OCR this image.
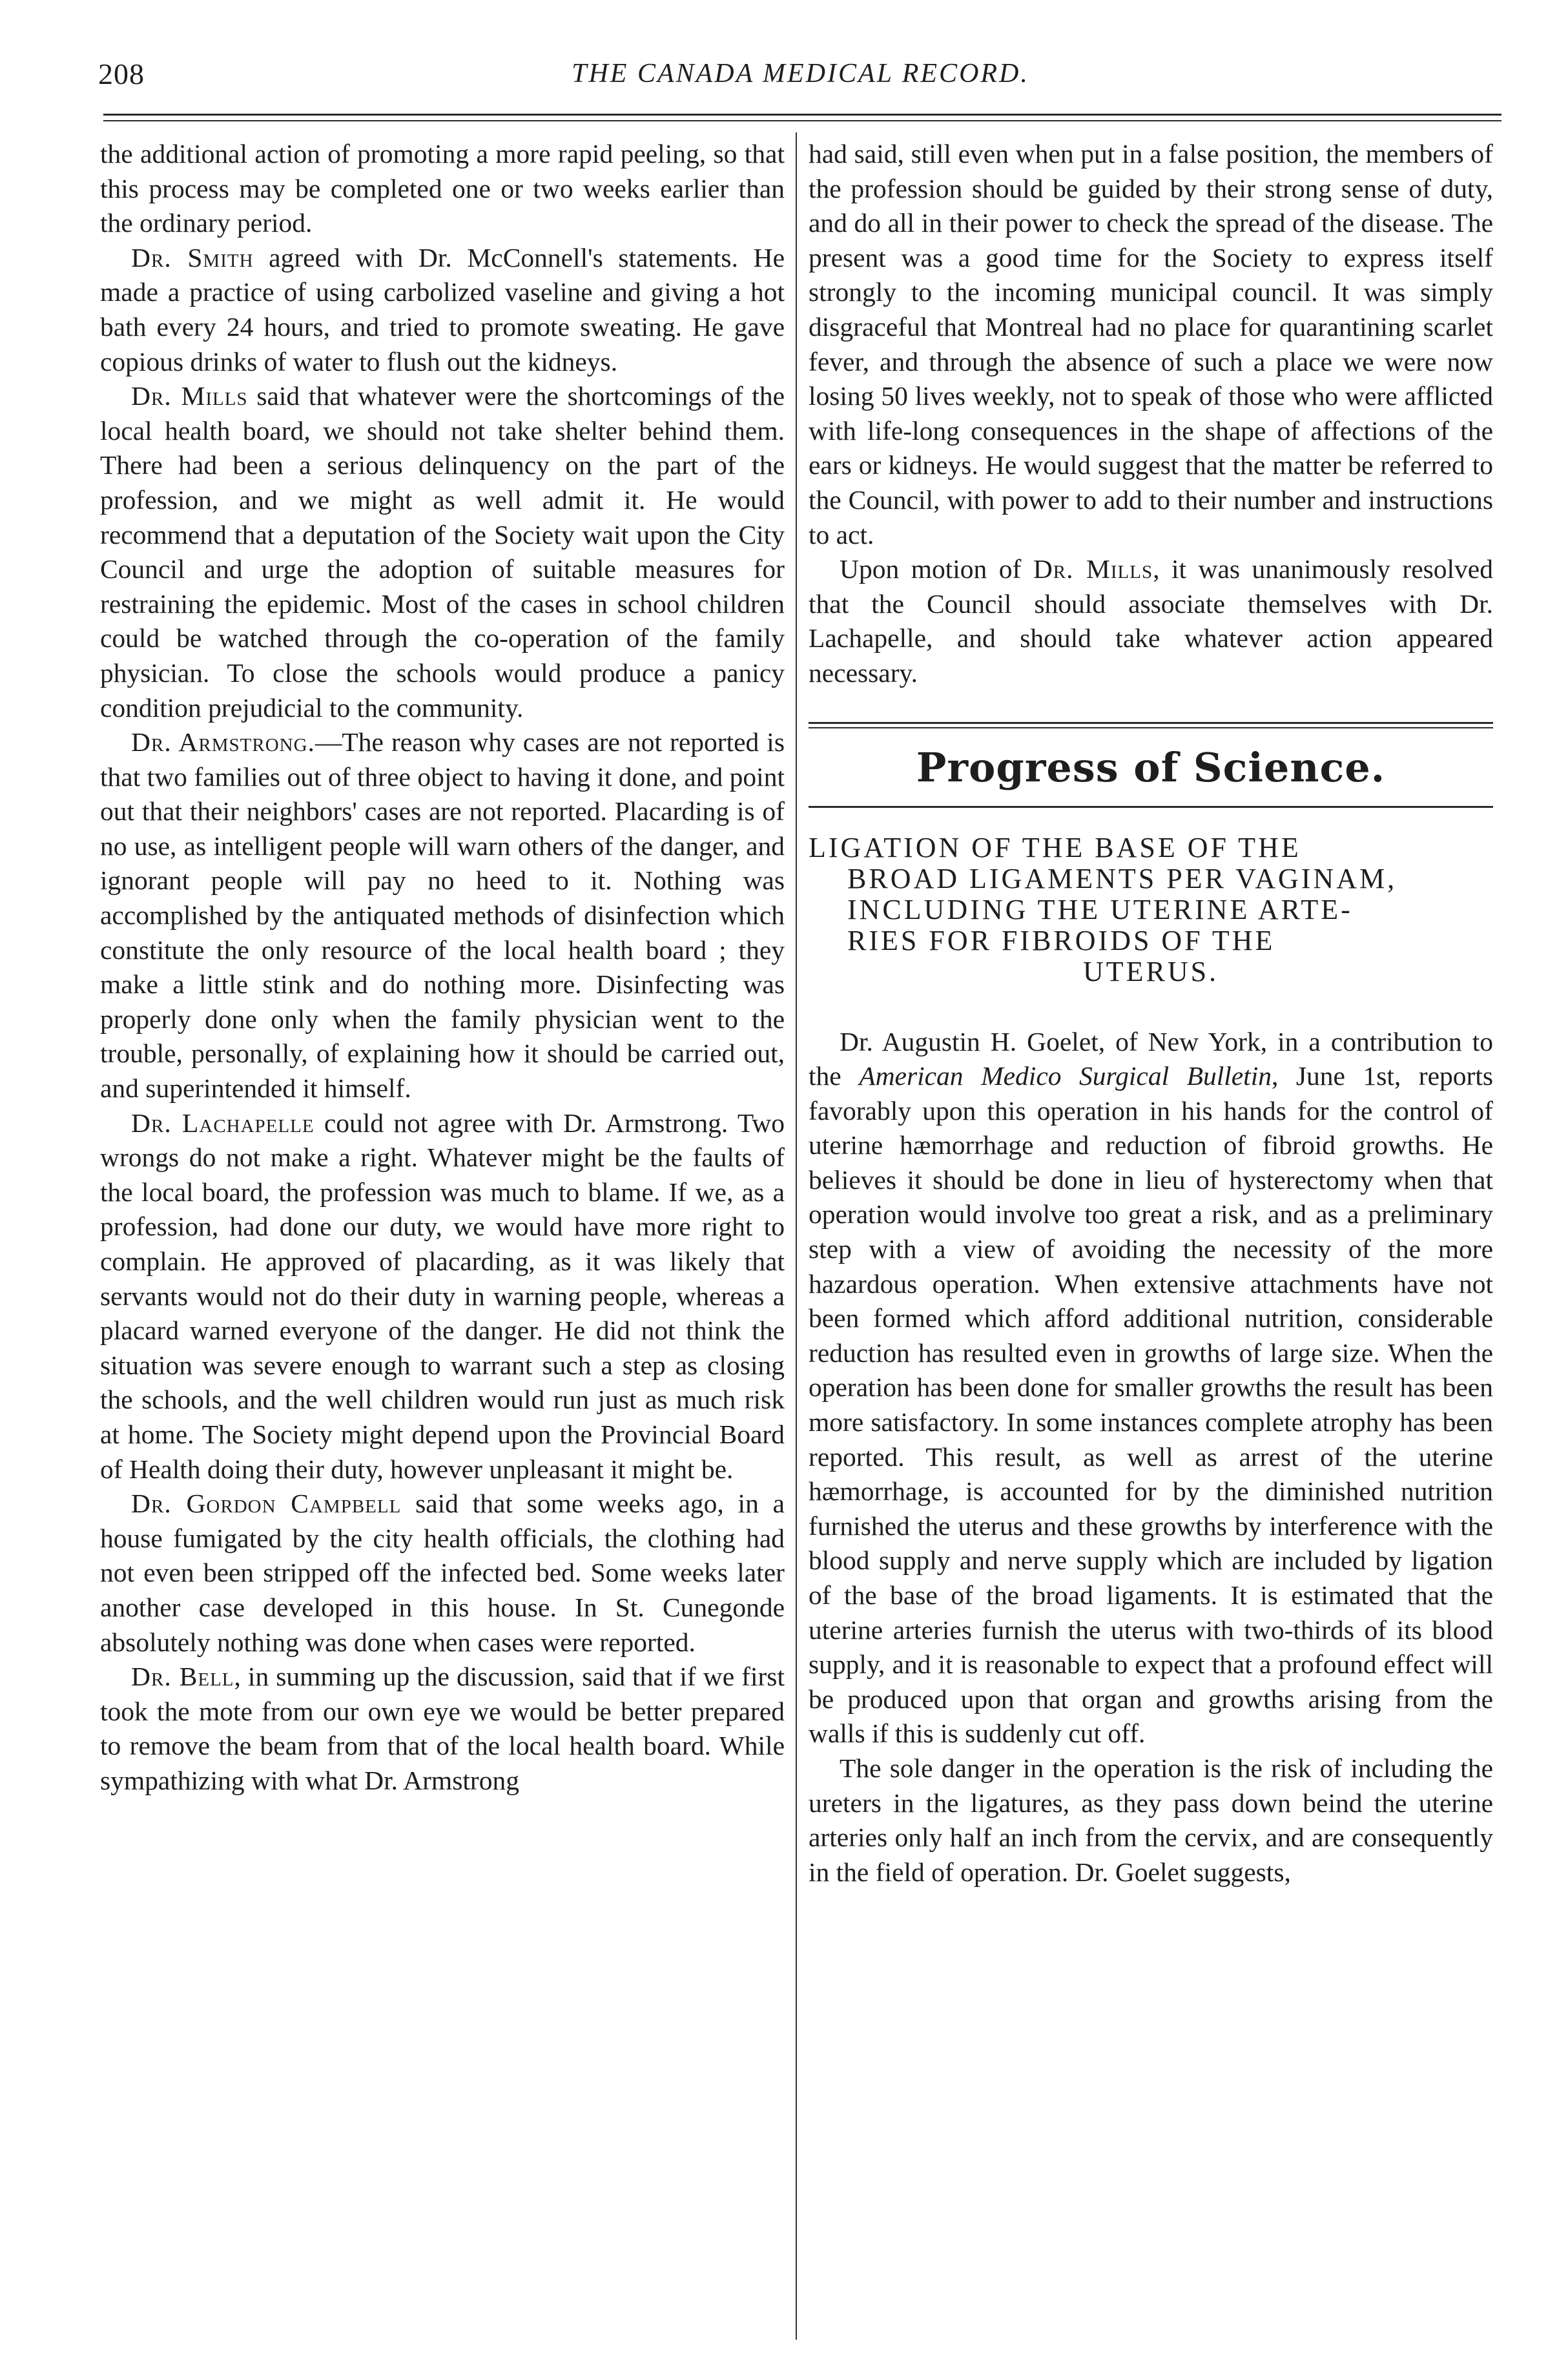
208	THE CANADA MEDICAL RECORD.

the additional action of promoting a more rapid peeling, so that this process may be completed one or two weeks earlier than the ordinary period.

Dr. Smith agreed with Dr. McConnell's statements. He made a practice of using carbolized vaseline and giving a hot bath every 24 hours, and tried to promote sweating. He gave copious drinks of water to flush out the kidneys.

Dr. Mills said that whatever were the shortcomings of the local health board, we should not take shelter behind them. There had been a serious delinquency on the part of the profession, and we might as well admit it. He would recommend that a deputation of the Society wait upon the City Council and urge the adoption of suitable measures for restraining the epidemic. Most of the cases in school children could be watched through the co-operation of the family physician. To close the schools would produce a panicy condition prejudicial to the community.

Dr. Armstrong.—The reason why cases are not reported is that two families out of three object to having it done, and point out that their neighbors' cases are not reported. Placarding is of no use, as intelligent people will warn others of the danger, and ignorant people will pay no heed to it. Nothing was accomplished by the antiquated methods of disinfection which constitute the only resource of the local health board ; they make a little stink and do nothing more. Disinfecting was properly done only when the family physician went to the trouble, personally, of explaining how it should be carried out, and superintended it himself.

Dr. Lachapelle could not agree with Dr. Armstrong. Two wrongs do not make a right. Whatever might be the faults of the local board, the profession was much to blame. If we, as a profession, had done our duty, we would have more right to complain. He approved of placarding, as it was likely that servants would not do their duty in warning people, whereas a placard warned everyone of the danger. He did not think the situation was severe enough to warrant such a step as closing the schools, and the well children would run just as much risk at home. The Society might depend upon the Provincial Board of Health doing their duty, however unpleasant it might be.

Dr. Gordon Campbell said that some weeks ago, in a house fumigated by the city health officials, the clothing had not even been stripped off the infected bed. Some weeks later another case developed in this house. In St. Cunegonde absolutely nothing was done when cases were reported.

Dr. Bell, in summing up the discussion, said that if we first took the mote from our own eye we would be better prepared to remove the beam from that of the local health board. While sympathizing with what Dr. Armstrong

had said, still even when put in a false position, the members of the profession should be guided by their strong sense of duty, and do all in their power to check the spread of the disease. The present was a good time for the Society to express itself strongly to the incoming municipal council. It was simply disgraceful that Montreal had no place for quarantining scarlet fever, and through the absence of such a place we were now losing 50 lives weekly, not to speak of those who were afflicted with life-long consequences in the shape of affections of the ears or kidneys. He would suggest that the matter be referred to the Council, with power to add to their number and instructions to act.

Upon motion of Dr. Mills, it was unanimously resolved that the Council should associate themselves with Dr. Lachapelle, and should take whatever action appeared necessary.

Progress of Science.
LIGATION OF THE BASE OF THE
BROAD LIGAMENTS PER VAGINAM,
INCLUDING THE UTERINE ARTE-
RIES FOR FIBROIDS OF THE
UTERUS.

Dr. Augustin H. Goelet, of New York, in a contribution to the American Medico Surgical Bulletin, June 1st, reports favorably upon this operation in his hands for the control of uterine hæmorrhage and reduction of fibroid growths. He believes it should be done in lieu of hysterectomy when that operation would involve too great a risk, and as a preliminary step with a view of avoiding the necessity of the more hazardous operation. When extensive attachments have not been formed which afford additional nutrition, considerable reduction has resulted even in growths of large size. When the operation has been done for smaller growths the result has been more satisfactory. In some instances complete atrophy has been reported. This result, as well as arrest of the uterine hæmorrhage, is accounted for by the diminished nutrition furnished the uterus and these growths by interference with the blood supply and nerve supply which are included by ligation of the base of the broad ligaments. It is estimated that the uterine arteries furnish the uterus with two-thirds of its blood supply, and it is reasonable to expect that a profound effect will be produced upon that organ and growths arising from the walls if this is suddenly cut off.

The sole danger in the operation is the risk of including the ureters in the ligatures, as they pass down beind the uterine arteries only half an inch from the cervix, and are consequently in the field of operation. Dr. Goelet suggests,
